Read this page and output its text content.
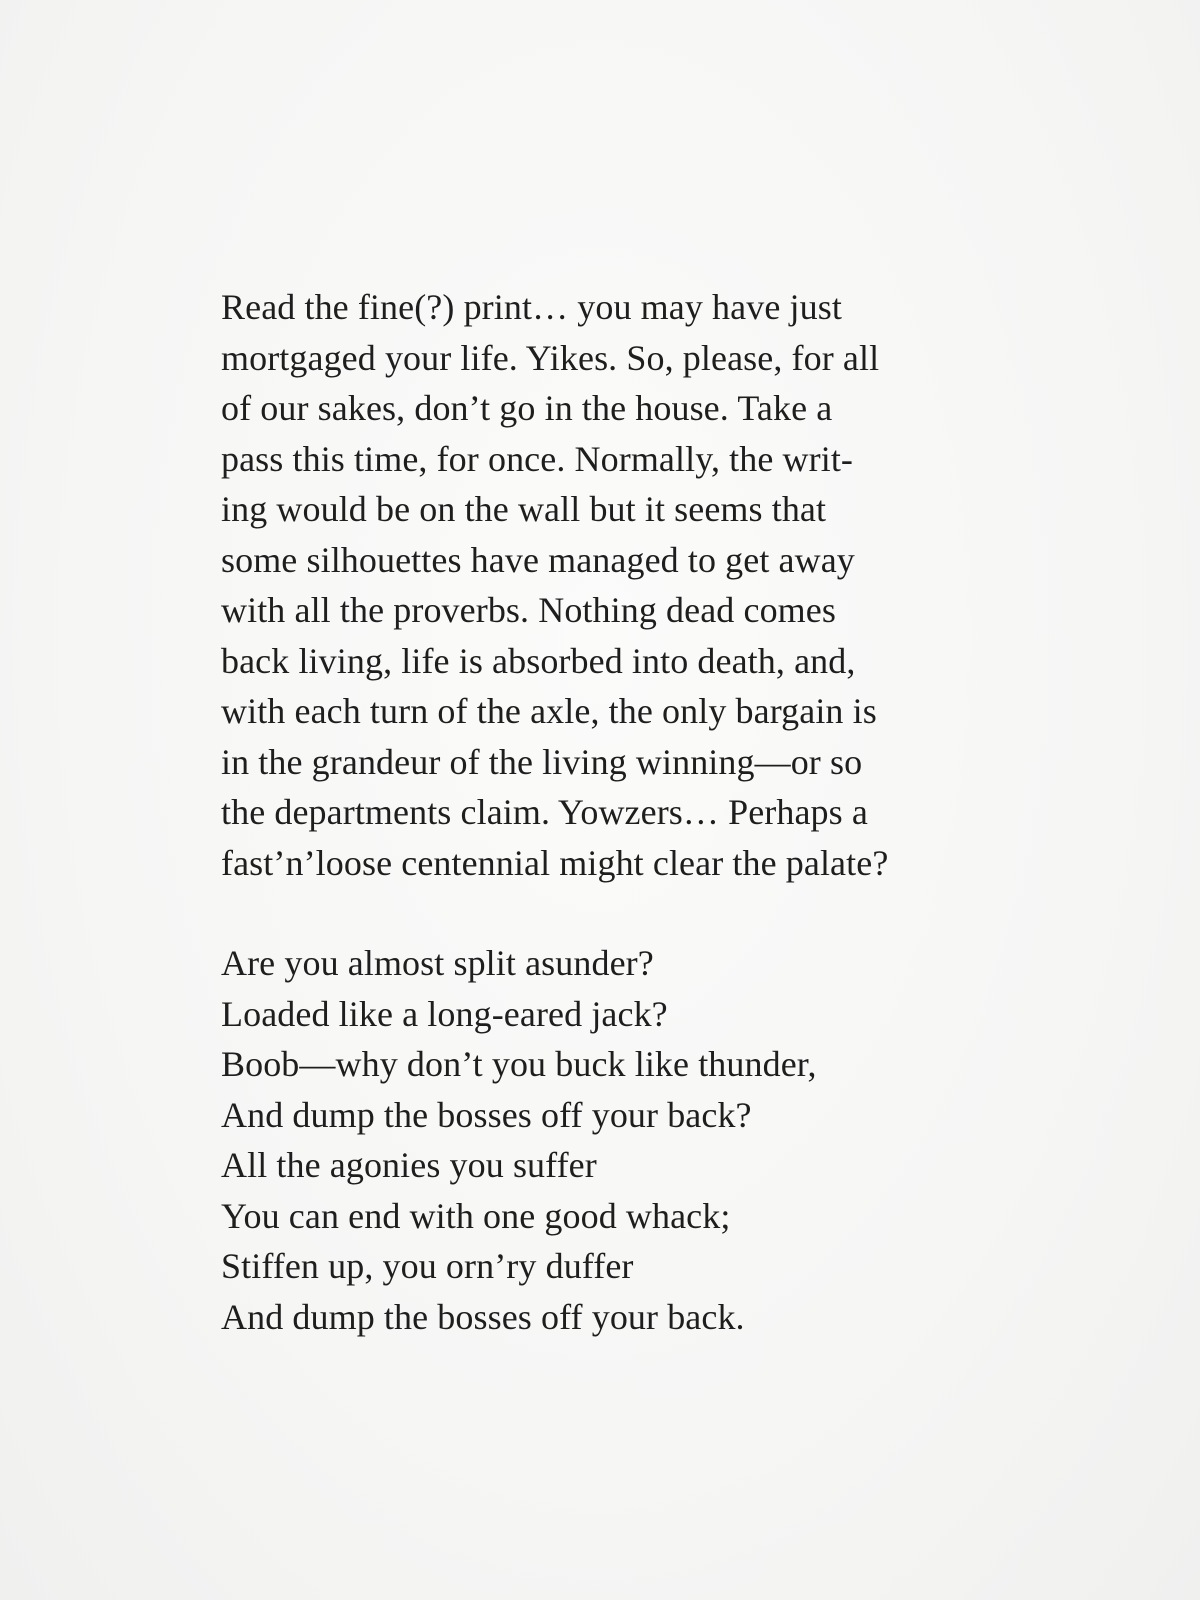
Read the fine(?) print… you may have just
mortgaged your life. Yikes. So, please, for all
of our sakes, don’t go in the house. Take a
pass this time, for once. Normally, the writ-
ing would be on the wall but it seems that
some silhouettes have managed to get away
with all the proverbs. Nothing dead comes
back living, life is absorbed into death, and,
with each turn of the axle, the only bargain is
in the grandeur of the living winning—or so
the departments claim. Yowzers… Perhaps a
fast’n’loose centennial might clear the palate?
Are you almost split asunder?
Loaded like a long-eared jack?
Boob—why don’t you buck like thunder,
And dump the bosses off your back?
All the agonies you suffer
You can end with one good whack;
Stiffen up, you orn’ry duffer
And dump the bosses off your back.
